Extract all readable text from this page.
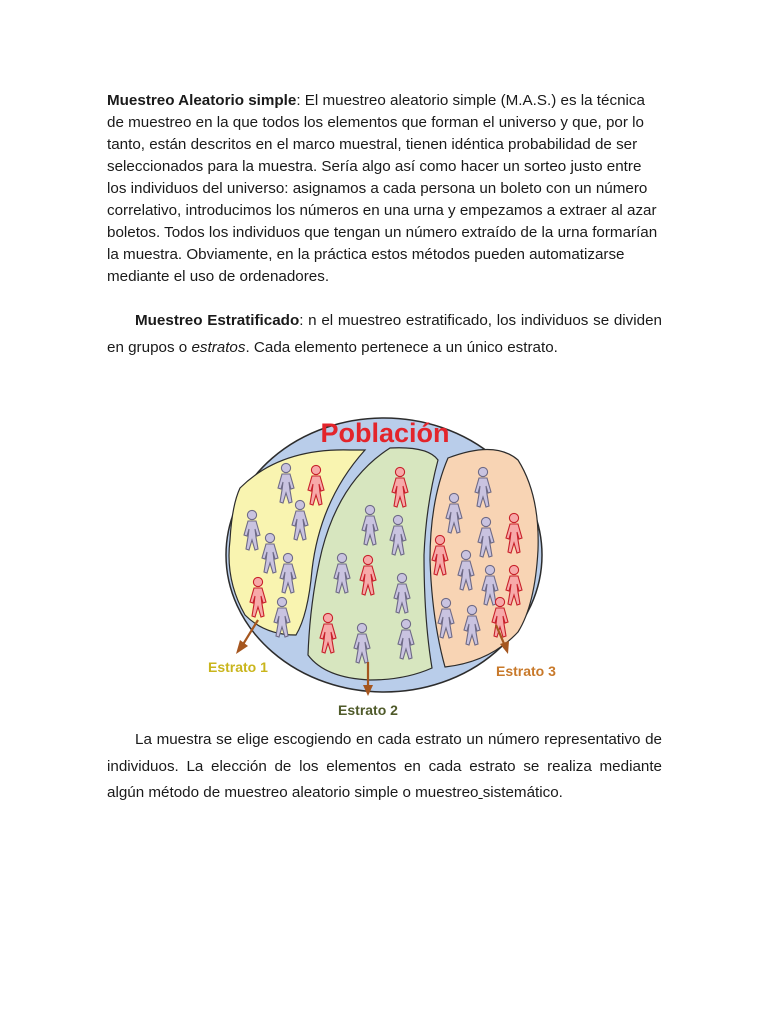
Muestreo Aleatorio simple: El muestreo aleatorio simple (M.A.S.) es la técnica de muestreo en la que todos los elementos que forman el universo y que, por lo tanto, están descritos en el marco muestral, tienen idéntica probabilidad de ser seleccionados para la muestra. Sería algo así como hacer un sorteo justo entre los individuos del universo: asignamos a cada persona un boleto con un número correlativo, introducimos los números en una urna y empezamos a extraer al azar boletos. Todos los individuos que tengan un número extraído de la urna formarían la muestra. Obviamente, en la práctica estos métodos pueden automatizarse mediante el uso de ordenadores.

Muestreo Estratificado: n el muestreo estratificado, los individuos se dividen en grupos o estratos. Cada elemento pertenece a un único estrato.

Población
Estrato 1
Estrato 2
Estrato 3

La muestra se elige escogiendo en cada estrato un número representativo de individuos. La elección de los elementos en cada estrato se realiza mediante algún método de muestreo aleatorio simple o muestreo sistemático.
